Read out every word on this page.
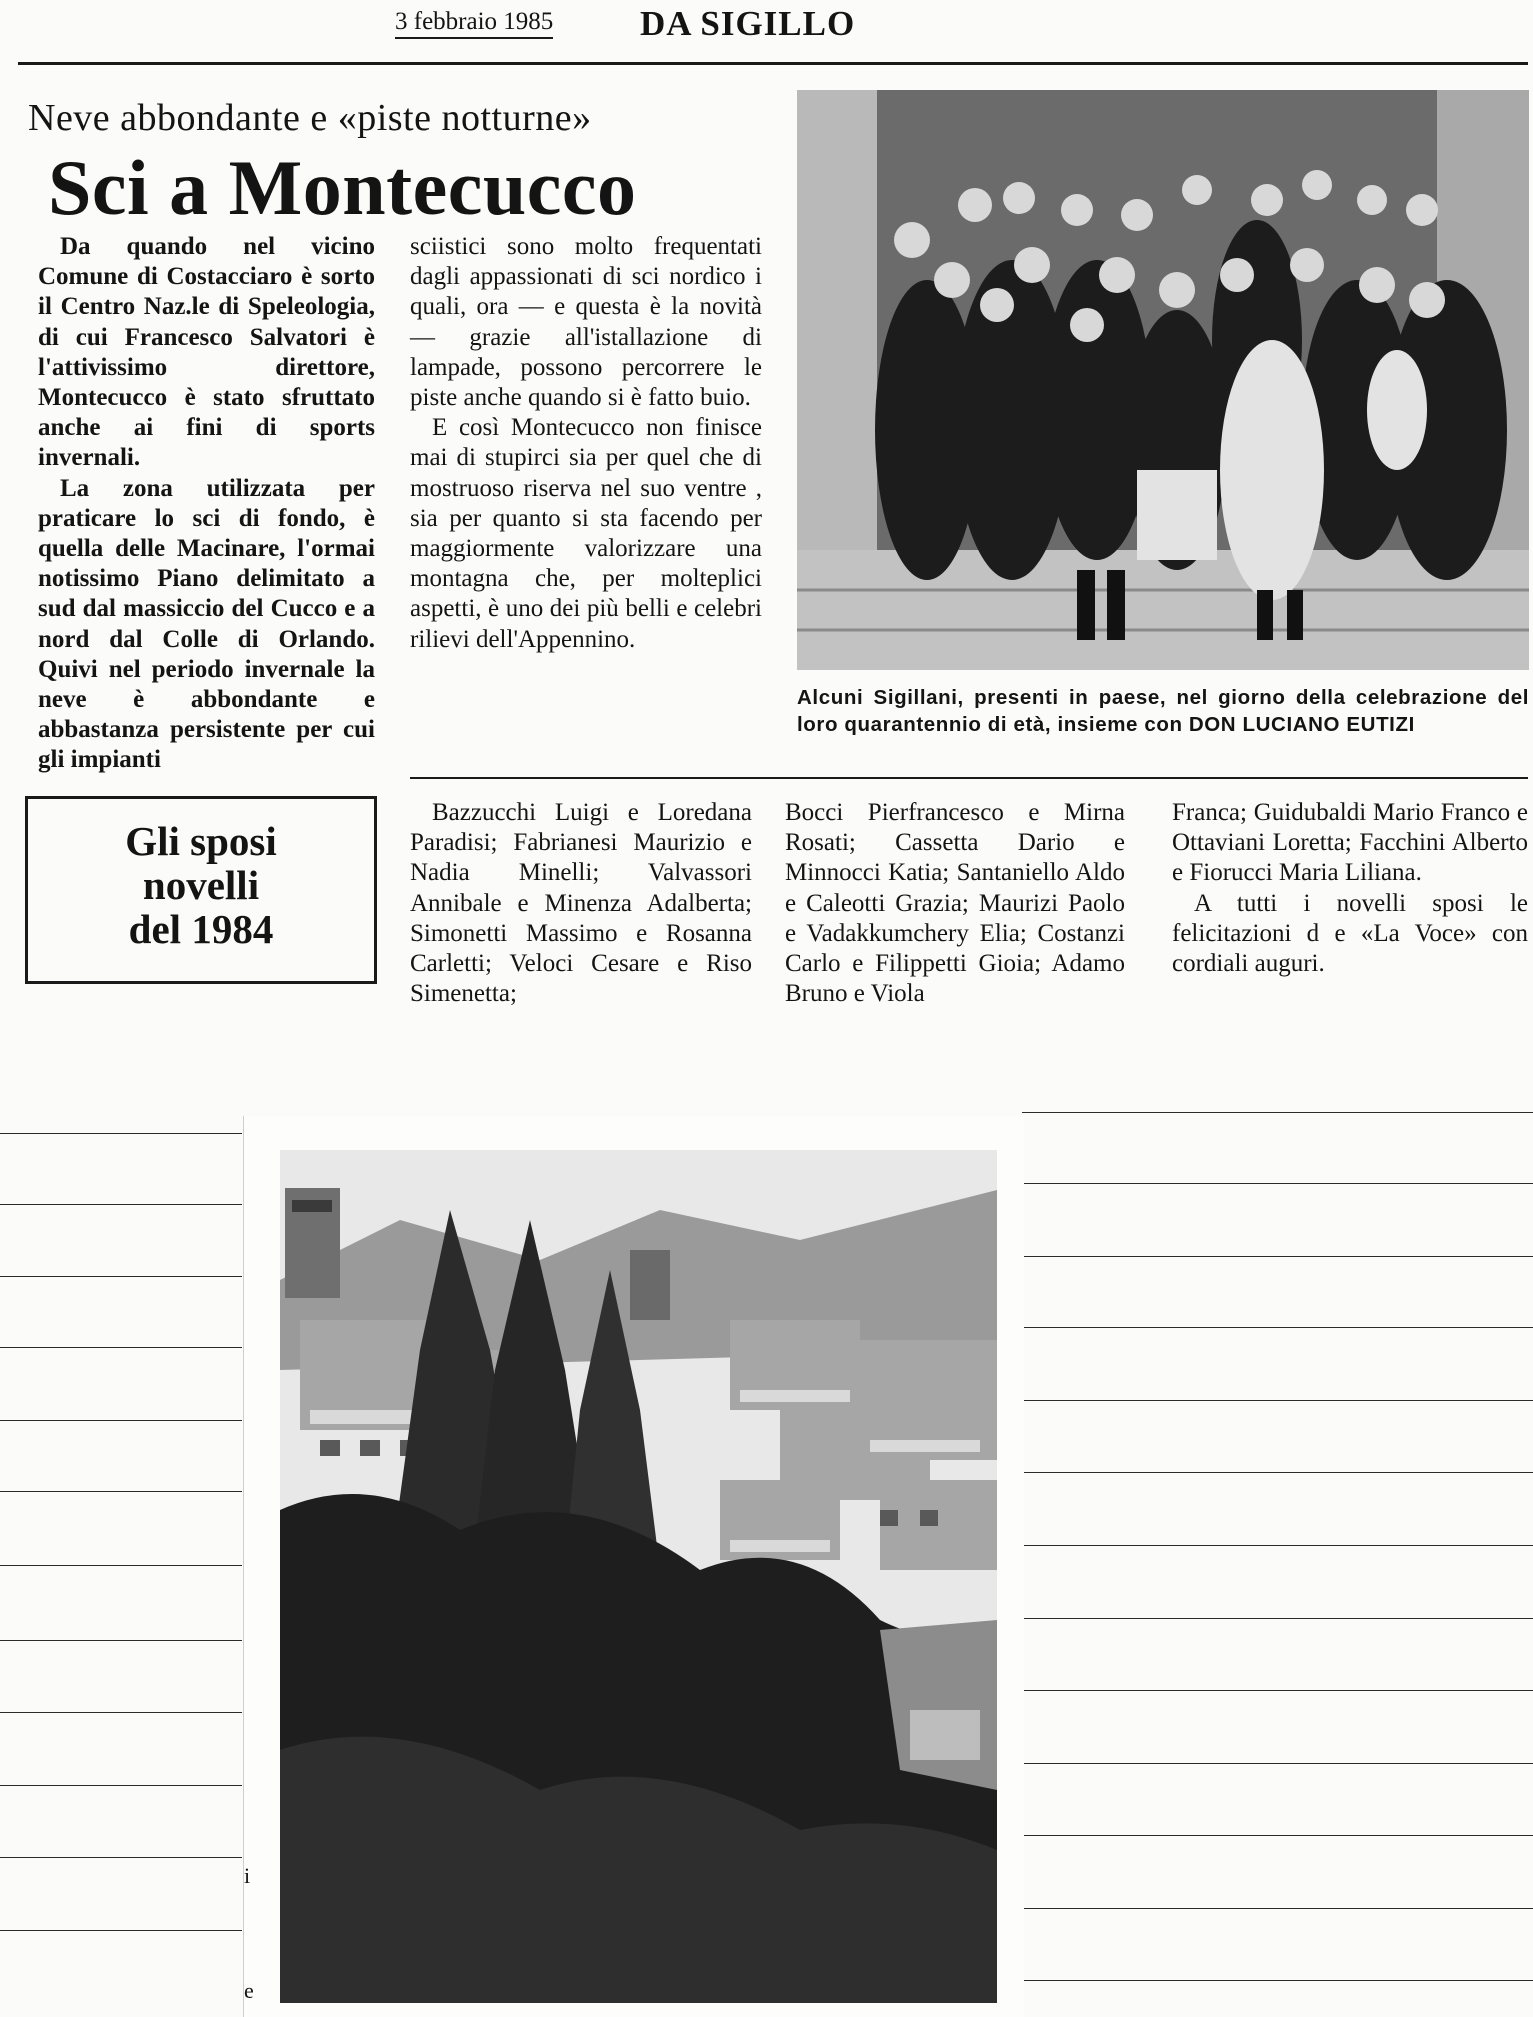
3 febbraio 1985 DA SIGILLO
Neve abbondante e «piste notturne»
Sci a Montecucco

Da quando nel vicino Comune di Costacciaro è sorto il Centro Naz.le di Speleologia, di cui Francesco Salvatori è l'attivissimo direttore, Montecucco è stato sfruttato anche ai fini di sports invernali.

La zona utilizzata per praticare lo sci di fondo, è quella delle Macinare, l'ormai notissimo Piano delimitato a sud dal massiccio del Cucco e a nord dal Colle di Orlando. Quivi nel periodo invernale la neve è abbondante e abbastanza persistente per cui gli impianti

sciistici sono molto frequentati dagli appassionati di sci nordico i quali, ora — e questa è la novità — grazie all'istallazione di lampade, possono percorrere le piste anche quando si è fatto buio.

E così Montecucco non finisce mai di stupirci sia per quel che di mostruoso riserva nel suo ventre , sia per quanto si sta facendo per maggiormente valorizzare una montagna che, per molteplici aspetti, è uno dei più belli e celebri rilievi dell'Appennino.

Alcuni Sigillani, presenti in paese, nel giorno della celebrazione del loro quarantennio di età, insieme con DON LUCIANO EUTIZI
Gli sposi
novelli
del 1984

Bazzucchi Luigi e Loredana Paradisi; Fabrianesi Maurizio e Nadia Minelli; Valvassori Annibale e Minenza Adalberta; Simonetti Massimo e Rosanna Carletti; Veloci Cesare e Riso Simenetta;

Bocci Pierfrancesco e Mirna Rosati; Cassetta Dario e Minnocci Katia; Santaniello Aldo e Caleotti Grazia; Maurizi Paolo e Vadakkumchery Elia; Costanzi Carlo e Filippetti Gioia; Adamo Bruno e Viola

Franca; Guidubaldi Mario Franco e Ottaviani Loretta; Facchini Alberto e Fiorucci Maria Liliana.

A tutti i novelli sposi le felicitazioni d e «La Voce» con cordiali auguri.

i
e
